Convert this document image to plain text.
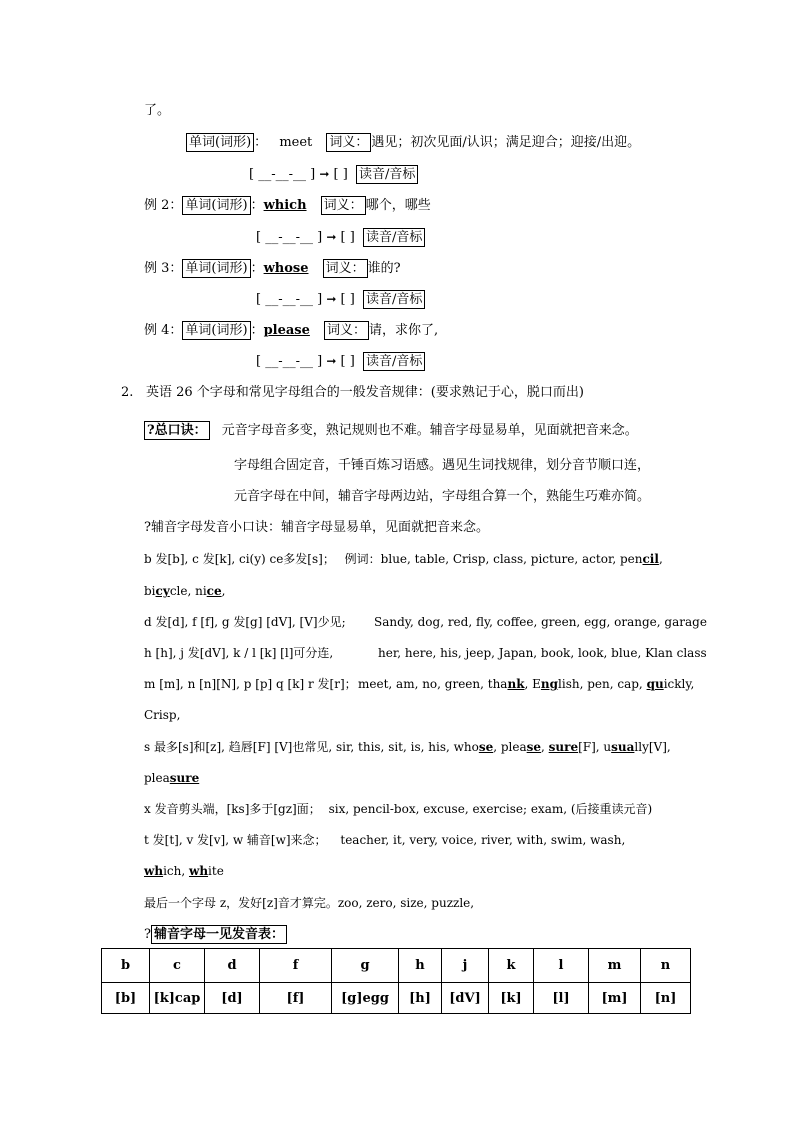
了。
单词(词形) ： meet 词义： 遇见；初次见面/认识；满足迎合；迎接/出迎。
[ __-__-__ ] ➞ [ ] 读音/音标
例 2： 单词(词形) ：which 词义： 哪个，哪些
[ __-__-__ ] ➞ [ ] 读音/音标
例 3： 单词(词形) ：whose 词义： 谁的?
[ __-__-__ ] ➞ [ ] 读音/音标
例 4： 单词(词形) ：please 词义： 请，求你了,
[ __-__-__ ] ➞ [ ] 读音/音标
2. 英语 26 个字母和常见字母组合的一般发音规律：(要求熟记于心，脱口而出)
?总口诀： 元音字母音多变，熟记规则也不难。辅音字母显易单，见面就把音来念。
字母组合固定音，千锤百炼习语感。遇见生词找规律，划分音节顺口连，
元音字母在中间，辅音字母两边站，字母组合算一个，熟能生巧难亦简。
?辅音字母发音小口诀：辅音字母显易单，见面就把音来念。
b 发[b], c 发[k], ci(y) ce多发[s]； 例词：blue, table, Crisp, class, picture, actor, pencil,
bicycle, nice,
d 发[d], f [f], g 发[g] [dV], [V]少见; Sandy, dog, red, fly, coffee, green, egg, orange, garage
h [h], j 发[dV], k / l [k] [l]可分连,	her, here, his, jeep, Japan, book, look, blue, Klan class
m [m], n [n][N], p [p] q [k] r 发[r]； meet, am, no, green, thank, English, pen, cap, quickly,
Crisp,
s 最多[s]和[z], 趋唇[F] [V]也常见, sir, this, sit, is, his, whose, please, sure[F], usually[V],
pleasure
x 发音剪头端，[ks]多于[gz]面； six, pencil-box, excuse, exercise; exam, (后接重读元音)
t 发[t], v 发[v], w 辅音[w]来念； teacher, it, very, voice, river, with, swim, wash,
which, white
最后一个字母 z，发好[z]音才算完。zoo, zero, size, puzzle,
? 辅音字母一见发音表：
b	c	d	f	g	h	j	k	l	m	n
[b]	[k]cap	[d]	[f]	[g]egg	[h]	[dV]	[k]	[l]	[m]	[n]
